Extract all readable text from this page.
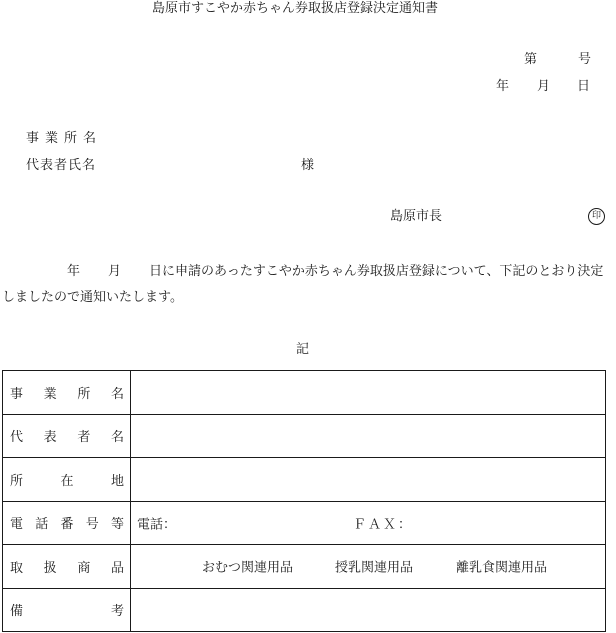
島原市すこやか赤ちゃん券取扱店登録決定通知書
第	号
年 月 日
事業所名
代表者氏名	様
島原市長	印
年 月 日に申請のあったすこやか赤ちゃん券取扱店登録について、下記のとおり決定
しましたので通知いたします。
記
事業所名	
代表者名	
所在地	
電話番号等	電話： ＦＡＸ：

取扱商品	おむつ関連用品 授乳関連用品 離乳食関連用品

備考	
